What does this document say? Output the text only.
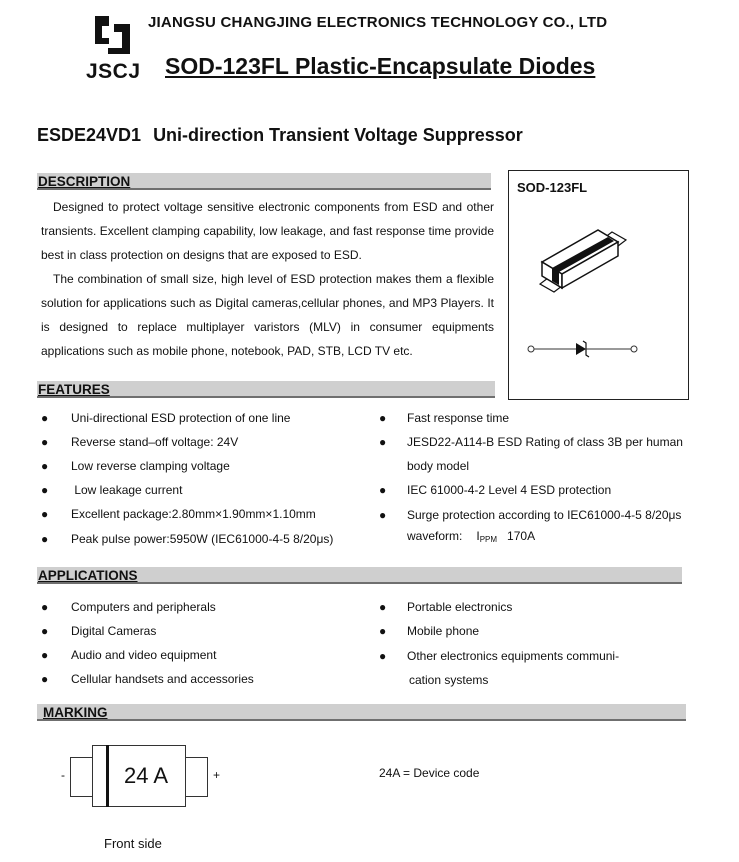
JSCJ
JIANGSU CHANGJING ELECTRONICS TECHNOLOGY CO., LTD
SOD-123FL Plastic-Encapsulate Diodes
ESDE24VD1 Uni-direction Transient Voltage Suppressor
DESCRIPTION

Designed to protect voltage sensitive electronic components from ESD and other transients. Excellent clamping capability, low leakage, and fast response time provide best in class protection on designs that are exposed to ESD.

The combination of small size, high level of ESD protection makes them a flexible solution for applications such as Digital cameras,cellular phones, and MP3 Players. It is designed to replace multiplayer varistors (MLV) in consumer equipments applications such as mobile phone, notebook, PAD, STB, LCD TV etc.

SOD-123FL
FEATURES
● Uni-directional ESD protection of one line
● Reverse stand–off voltage: 24V
● Low reverse clamping voltage
● Low leakage current
● Excellent package:2.80mm×1.90mm×1.10mm
● Peak pulse power:5950W (IEC61000-4-5 8/20μs)
● Fast response time
● JESD22-A114-B ESD Rating of class 3B per human
body model
● IEC 61000-4-2 Level 4 ESD protection
● Surge protection according to IEC61000-4-5 8/20μs
waveform: IPPM 170A
APPLICATIONS
● Computers and peripherals
● Digital Cameras
● Audio and video equipment
● Cellular handsets and accessories
● Portable electronics
● Mobile phone
● Other electronics equipments communi-
cation systems
MARKING
-	24 A	+	24A = Device code
Front side
